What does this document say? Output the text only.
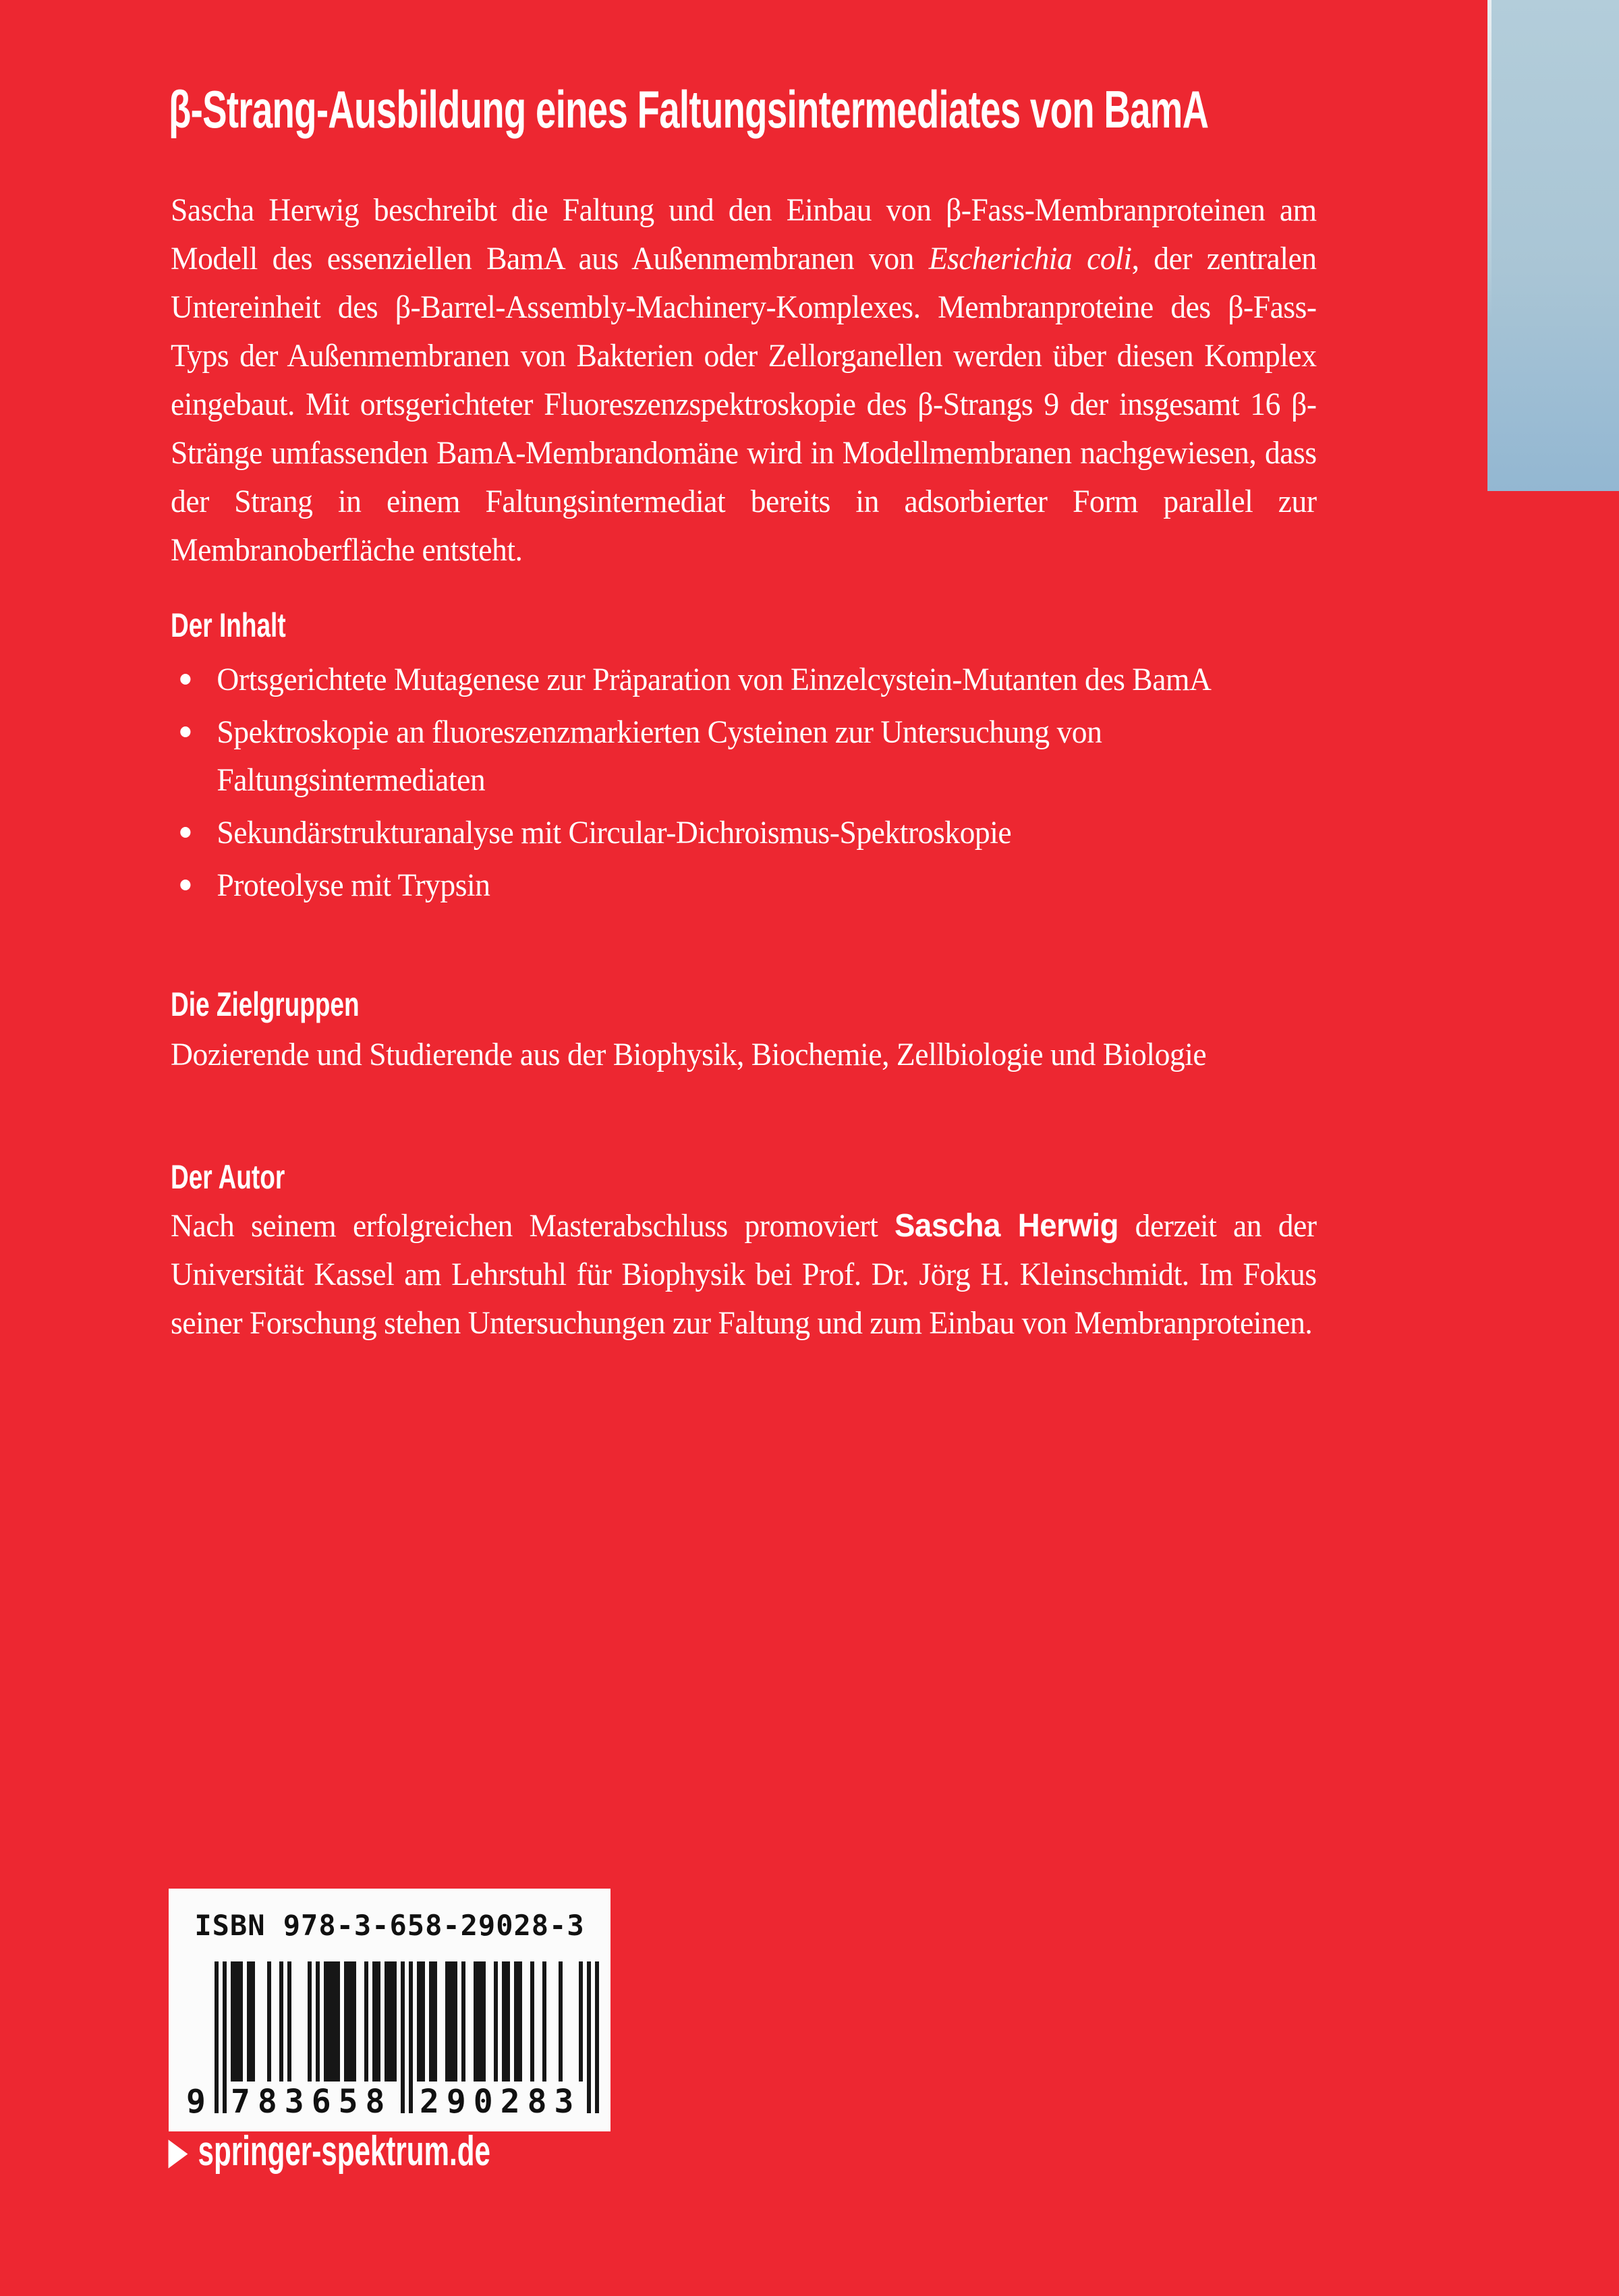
β-Strang-Ausbildung eines Faltungsintermediates von BamA

Sascha Herwig beschreibt die Faltung und den Einbau von β-Fass-Membranproteinen am Modell des essenziellen BamA aus Außenmembranen von Escherichia coli, der zentralen Untereinheit des β-Barrel-Assembly-Machinery-Komplexes. Membranproteine des β-Fass-Typs der Außenmembranen von Bakterien oder Zellorganellen werden über diesen Komplex eingebaut. Mit ortsgerichteter Fluoreszenzspektroskopie des β-Strangs 9 der insgesamt 16 β-Stränge umfassenden BamA-Membrandomäne wird in Modellmembranen nachgewiesen, dass der Strang in einem Faltungsintermediat bereits in adsorbierter Form parallel zur Membranoberfläche entsteht.

Der Inhalt
Ortsgerichtete Mutagenese zur Präparation von Einzelcystein-Mutanten des BamA
Spektroskopie an fluoreszenzmarkierten Cysteinen zur Untersuchung von Faltungsintermediaten
Sekundärstrukturanalyse mit Circular-Dichroismus-Spektroskopie
Proteolyse mit Trypsin
Die Zielgruppen

Dozierende und Studierende aus der Biophysik, Biochemie, Zellbiologie und Biologie

Der Autor

Nach seinem erfolgreichen Masterabschluss promoviert Sascha Herwig derzeit an der Universität Kassel am Lehrstuhl für Biophysik bei Prof. Dr. Jörg H. Kleinschmidt. Im Fokus seiner Forschung stehen Untersuchungen zur Faltung und zum Einbau von Membranproteinen.

ISBN 978-3-658-29028-3
9 783658 290283
▶ springer-spektrum.de
